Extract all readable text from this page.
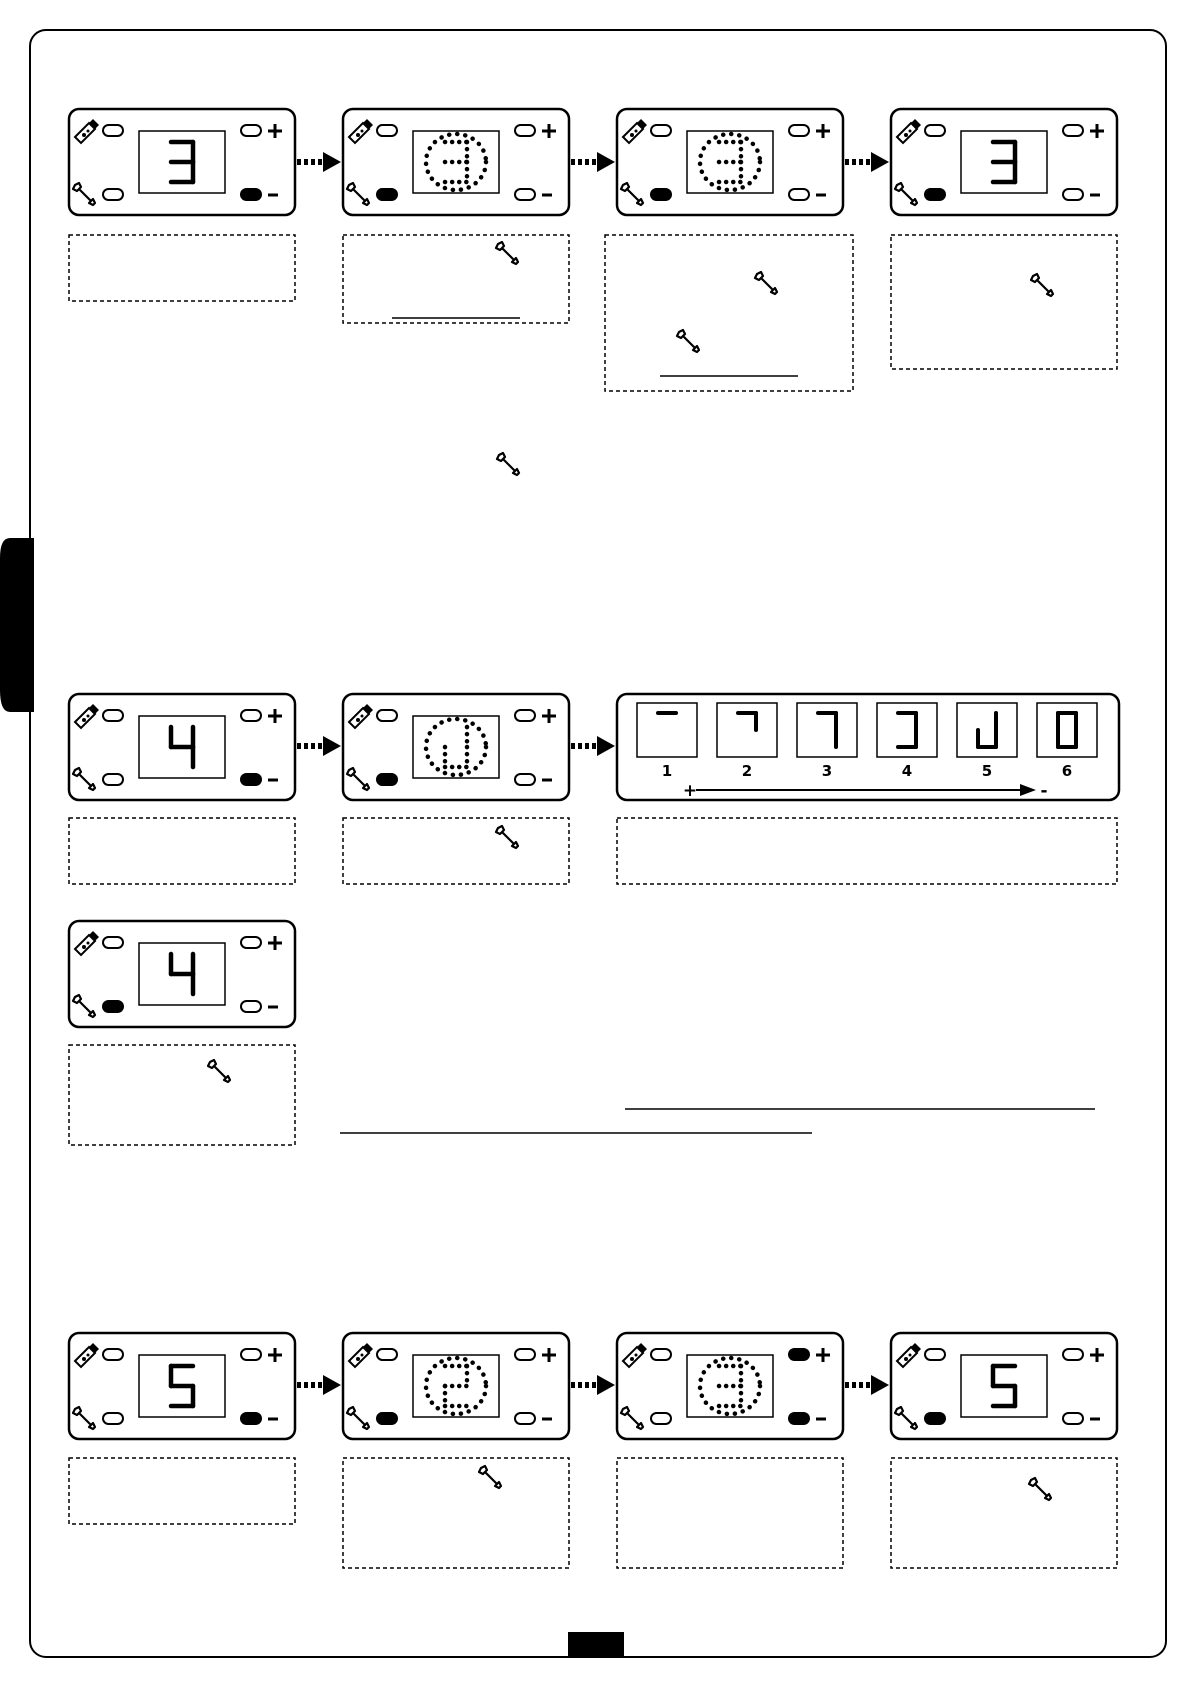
1	2	3	4	5	6
+	-
